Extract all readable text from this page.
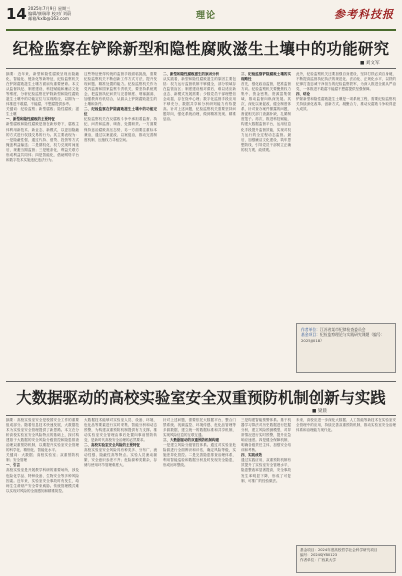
14 2025年7月9日 星期三
编辑/康瑞琼 校对/ 刘蔚
邮箱/kxlb@163.com	理论	参考科技报
纪检监察在铲除新型和隐性腐败滋生土壤中的功能研究
■ 刘文军
摘要：近年来，新型和隐性腐败呈现出隐蔽化、智能化、链条化等新特征，纪检监察机关在铲除腐败滋生土壤方面肩负重要使命。本文从监督执纪、制度建设、科技赋能和廉洁文化等维度，分析纪检监察在铲除新型和隐性腐败滋生土壤中的功能定位与实现路径，以期为一体推进不敢腐、不能腐、不想腐提供参考。
关键词：纪检监察；新型腐败；隐性腐败；滋生土壤
一、新型和隐性腐败的主要特征
新型腐败和隐性腐败是指在新形势下，腐败主体利用新技术、新业态、新模式，以更加隐蔽的方式进行权钱交易的行为。其主要表现为：一是隐蔽性强，通过代持、借贷、投资等方式掩盖利益输送；二是期权化，权力兑现时间延后，规避当期监督；三是链条化，利益关联方形成利益共同体；四是智能化，借助网络平台和数字技术实施违纪违法行为。
这些特征使得传统的监督手段面临挑战，需要纪检监察机关不断创新工作方式方法，提升发现问题、精准处置的能力。纪检监察机关作为党内监督和国家监察专责机关，要坚持系统观念，把监督执纪问责与完善制度、堵塞漏洞、加强教育有机结合，从源头上铲除腐败滋生的土壤和条件。
二、纪检监察在铲除腐败滋生土壤中的功能定位
纪检监察机关在反腐败斗争中承担着监督、执纪、问责和监督、调查、处置职责。一方面要保持惩治腐败高压态势，另一方面要注重标本兼治，通过以案促改、以案促治，推动完善制度机制，压缩权力寻租空间。
二、新型和隐性腐败滋生的原因分析
从实践看，新型和隐性腐败滋生的原因主要包括：权力运行监督机制不够健全，部分领域存在监管盲区；制度建设相对滞后，难以适应新业态、新模式发展需要；少数党员干部理想信念动摇，存在侥幸心理；数字化监督手段应用不够充分，数据共享和分析研判能力有待提高。针对上述问题，纪检监察机关需要坚持问题导向，强化系统治理，做到精准发现、精准惩治。
三、纪检监察铲除腐败土壤的实现路径
首先，强化政治监督，把准监督方向。纪检监察机关要聚焦权力集中、资金密集、资源富集领域，推动监督向纵深发展。其次，深化以案促改，健全制度体系，针对查办案件暴露的问题，督促相关部门查漏补缺，扎紧制度笼子。再次，推进科技赋能，构建大数据监督平台，运用信息化手段提升监督效能，实现对权力运行的全过程动态监督。最后，加强廉洁文化建设，筑牢思想防线，引导党员干部树立正确的权力观、政绩观。
此外，纪检监察机关还要加强自身建设，坚持打铁必须自身硬，不断提高监督执纪执法的规范化、法治化、正规化水平，以铁的纪律打造忠诚干净担当的纪检监察铁军，为深入推进全面从严治党、一体推进不敢腐不能腐不想腐提供坚强保障。
四、结论
铲除新型和隐性腐败滋生土壤是一项系统工程，需要纪检监察机关持续深化改革、创新方式、凝聚合力，推动反腐败斗争取得更大成效。
作者单位：江苏省某市纪律检查委员会
基金项目：纪检监察理论与实践研究课题（编号：2025JJ018）
大数据驱动的高校实验室安全双重预防机制创新与实践
■ 梁晨
摘要：高校实验室安全是校园安全工作的重要组成部分。随着信息技术快速发展，大数据技术为实验室安全管理提供了新思路。本文在分析高校实验室安全风险特点的基础上，探讨构建基于大数据的安全风险分级管控和隐患排查治理双重预防机制，以期提升实验室安全管理的科学化、精细化、智能化水平。
关键词：大数据；高校实验室；双重预防机制；安全管理
一、引言
高校实验室是开展教学科研的重要场所，涉及危险化学品、特种设备、生物安全等多种风险因素。近年来，实验室安全事故时有发生，给师生生命财产安全带来威胁。传统管理模式难以实现对风险的全面感知和精准防控。
大数据技术能够对实验室人员、设备、环境、危化品等要素进行实时采集、智能分析和动态预警，为构建双重预防机制提供有力支撑。推动实验室安全管理由事后处置向事前预防转变，是新时代高校安全治理的必然要求。
二、高校实验室安全风险的主要特征
高校实验室安全风险具有种类多、分布广、流动性强、隐蔽性高等特点。实验人员流动频繁，安全意识参差不齐；危险源种类繁杂，存储与使用环节管理难度大。
针对上述问题，需要依托大数据平台，整合门禁系统、视频监控、环境传感、危化品管理等多源数据，建立统一的数据标准和共享机制，实现风险信息的互联互通。
三、大数据驱动的双重预防机制构建
一是建立风险分级管控体系。通过对实验室危险源进行全面辨识和评估，确定风险等级，实施差异化管控。二是完善隐患排查治理体系，利用智能巡检和数据分析及时发现安全隐患，形成闭环整改。
三是构建智能预警体系。基于机器学习算法对历史数据进行挖掘分析，建立风险预测模型，对异常情况进行实时预警，提升应急响应速度。四是健全保障机制，明确各级责任主体，加强安全培训和考核。
四、实践成效
通过实践应用，双重预防机制有效提升了实验室安全管理水平，隐患整改率显著提高，安全事故发生率明显下降，形成了可复制、可推广的经验做法。
未来，高校应进一步深化大数据、人工智能等新技术在实验室安全管理中的应用，持续完善双重预防机制，推动实验室安全治理体系和治理能力现代化。
基金项目：2024年度高校哲学社会科学研究项目
编号：2024SJYB0123
作者单位：广西某大学
